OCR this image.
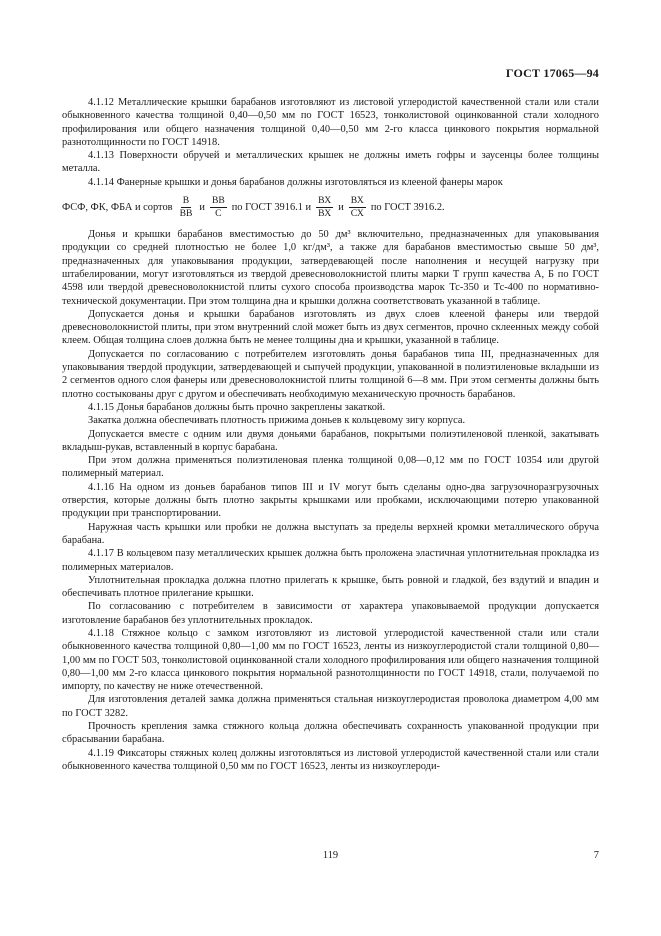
ГОСТ 17065—94

4.1.12 Металлические крышки барабанов изготовляют из листовой углеродистой качественной стали или стали обыкновенного качества толщиной 0,40—0,50 мм по ГОСТ 16523, тонколистовой оцинкованной стали холодного профилирования или общего назначения толщиной 0,40—0,50 мм 2-го класса цинкового покрытия нормальной разнотолщинности по ГОСТ 14918.

4.1.13 Поверхности обручей и металлических крышек не должны иметь гофры и заусенцы более толщины металла.

4.1.14 Фанерные крышки и донья барабанов должны изготовляться из клееной фанеры марок

ФСФ, ФК, ФБА и сортов $\frac{В}{ВВ}$ и $\frac{ВВ}{С}$ по ГОСТ 3916.1 и $\frac{ВХ}{ВХ}$ и $\frac{ВХ}{СХ}$ по ГОСТ 3916.2.

Донья и крышки барабанов вместимостью до 50 дм³ включительно, предназначенных для упаковывания продукции со средней плотностью не более 1,0 кг/дм³, а также для барабанов вместимостью свыше 50 дм³, предназначенных для упаковывания продукции, затвердевающей после наполнения и несущей нагрузку при штабелировании, могут изготовляться из твердой древесноволокнистой плиты марки Т групп качества А, Б по ГОСТ 4598 или твердой древесноволокнистой плиты сухого способа производства марок Тс-350 и Тс-400 по нормативно-технической документации. При этом толщина дна и крышки должна соответствовать указанной в таблице.

Допускается донья и крышки барабанов изготовлять из двух слоев клееной фанеры или твердой древесноволокнистой плиты, при этом внутренний слой может быть из двух сегментов, прочно склеенных между собой клеем. Общая толщина слоев должна быть не менее толщины дна и крышки, указанной в таблице.

Допускается по согласованию с потребителем изготовлять донья барабанов типа III, предназначенных для упаковывания твердой продукции, затвердевающей и сыпучей продукции, упакованной в полиэтиленовые вкладыши из 2 сегментов одного слоя фанеры или древесноволокнистой плиты толщиной 6—8 мм. При этом сегменты должны быть плотно состыкованы друг с другом и обеспечивать необходимую механическую прочность барабанов.

4.1.15 Донья барабанов должны быть прочно закреплены закаткой.

Закатка должна обеспечивать плотность прижима доньев к кольцевому зигу корпуса.

Допускается вместе с одним или двумя доньями барабанов, покрытыми полиэтиленовой пленкой, закатывать вкладыш-рукав, вставленный в корпус барабана.

При этом должна применяться полиэтиленовая пленка толщиной 0,08—0,12 мм по ГОСТ 10354 или другой полимерный материал.

4.1.16 На одном из доньев барабанов типов III и IV могут быть сделаны одно-два загрузочноразгрузочных отверстия, которые должны быть плотно закрыты крышками или пробками, исключающими потерю упакованной продукции при транспортировании.

Наружная часть крышки или пробки не должна выступать за пределы верхней кромки металлического обруча барабана.

4.1.17 В кольцевом пазу металлических крышек должна быть проложена эластичная уплотнительная прокладка из полимерных материалов.

Уплотнительная прокладка должна плотно прилегать к крышке, быть ровной и гладкой, без вздутий и впадин и обеспечивать плотное прилегание крышки.

По согласованию с потребителем в зависимости от характера упаковываемой продукции допускается изготовление барабанов без уплотнительных прокладок.

4.1.18 Стяжное кольцо с замком изготовляют из листовой углеродистой качественной стали или стали обыкновенного качества толщиной 0,80—1,00 мм по ГОСТ 16523, ленты из низкоуглеродистой стали толщиной 0,80—1,00 мм по ГОСТ 503, тонколистовой оцинкованной стали холодного профилирования или общего назначения толщиной 0,80—1,00 мм 2-го класса цинкового покрытия нормальной разнотолщинности по ГОСТ 14918, стали, получаемой по импорту, по качеству не ниже отечественной.

Для изготовления деталей замка должна применяться стальная низкоуглеродистая проволока диаметром 4,00 мм по ГОСТ 3282.

Прочность крепления замка стяжного кольца должна обеспечивать сохранность упакованной продукции при сбрасывании барабана.

4.1.19 Фиксаторы стяжных колец должны изготовляться из листовой углеродистой качественной стали или стали обыкновенного качества толщиной 0,50 мм по ГОСТ 16523, ленты из низкоуглероди-

119	7
